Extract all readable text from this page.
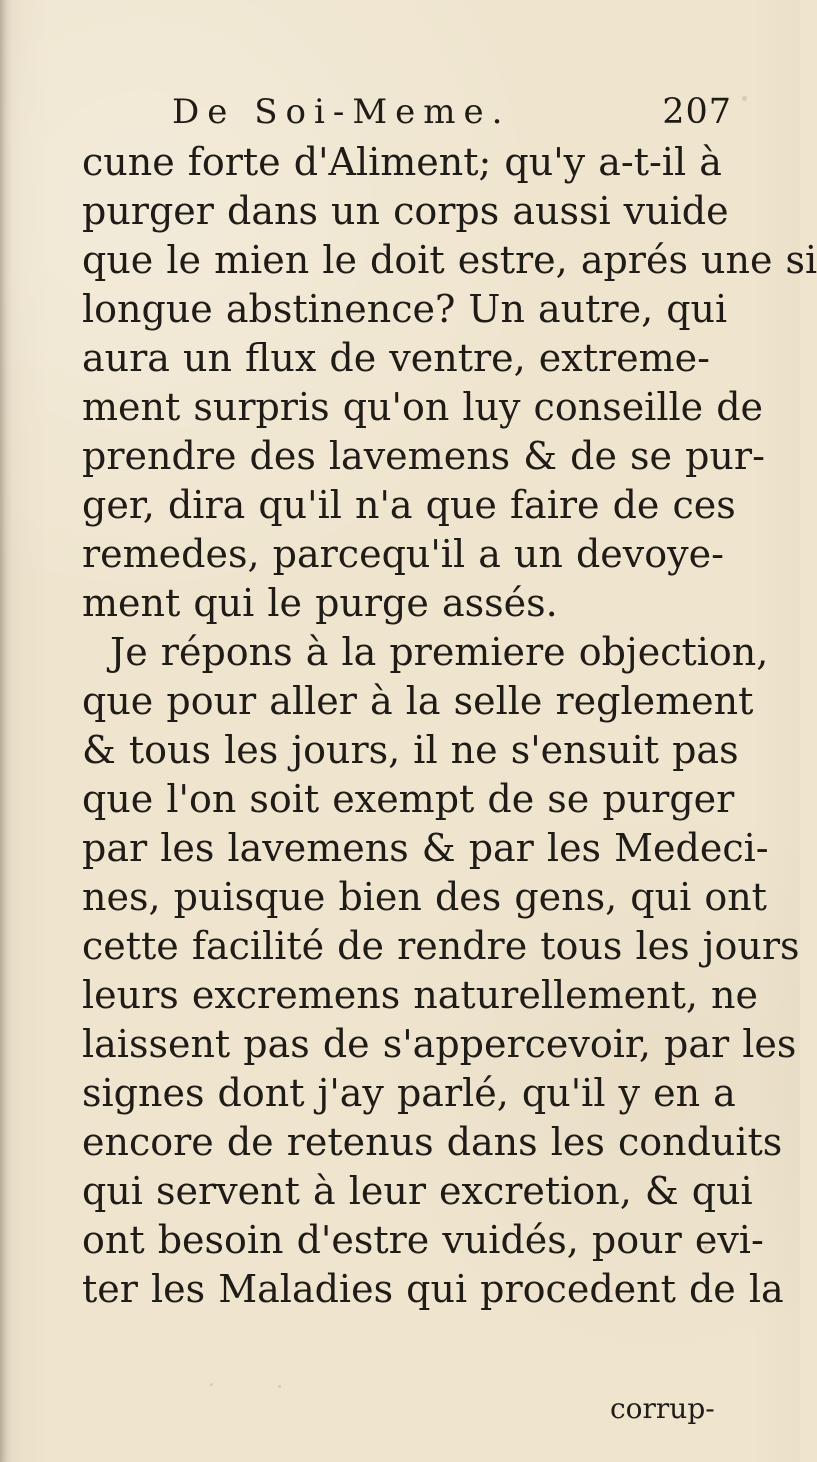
De Soi-Meme.	207
cune forte d'Aliment; qu'y a-t-il à
purger dans un corps aussi vuide
que le mien le doit estre, aprés une si
longue abstinence? Un autre, qui
aura un flux de ventre, extreme-
ment surpris qu'on luy conseille de
prendre des lavemens & de se pur-
ger, dira qu'il n'a que faire de ces
remedes, parcequ'il a un devoye-
ment qui le purge assés.
Je répons à la premiere objection,
que pour aller à la selle reglement
& tous les jours, il ne s'ensuit pas
que l'on soit exempt de se purger
par les lavemens & par les Medeci-
nes, puisque bien des gens, qui ont
cette facilité de rendre tous les jours
leurs excremens naturellement, ne
laissent pas de s'appercevoir, par les
signes dont j'ay parlé, qu'il y en a
encore de retenus dans les conduits
qui servent à leur excretion, & qui
ont besoin d'estre vuidés, pour evi-
ter les Maladies qui procedent de la
corrup-
